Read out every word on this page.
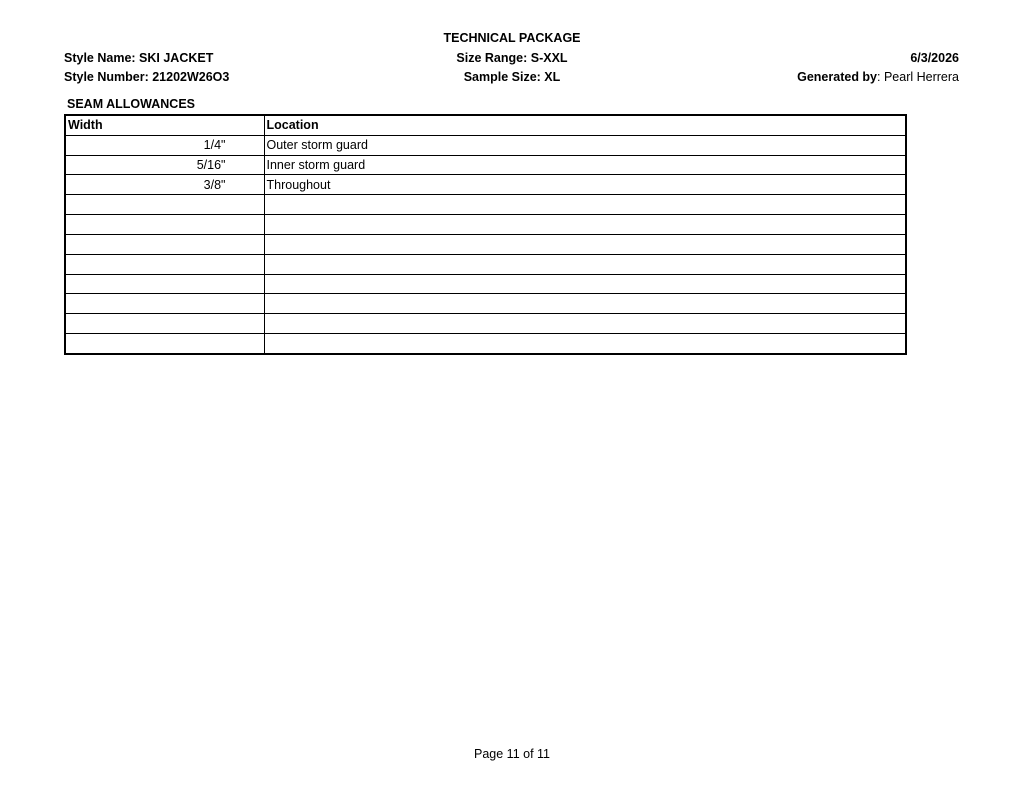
TECHNICAL PACKAGE
Style Name: SKI JACKET
Style Number: 21202W26O3
Size Range: S-XXL
Sample Size: XL
6/3/2026
Generated by: Pearl Herrera
SEAM ALLOWANCES
Width	Location
1/4"	Outer storm guard
5/16"	Inner storm guard
3/8"	Throughout

Page 11 of 11
